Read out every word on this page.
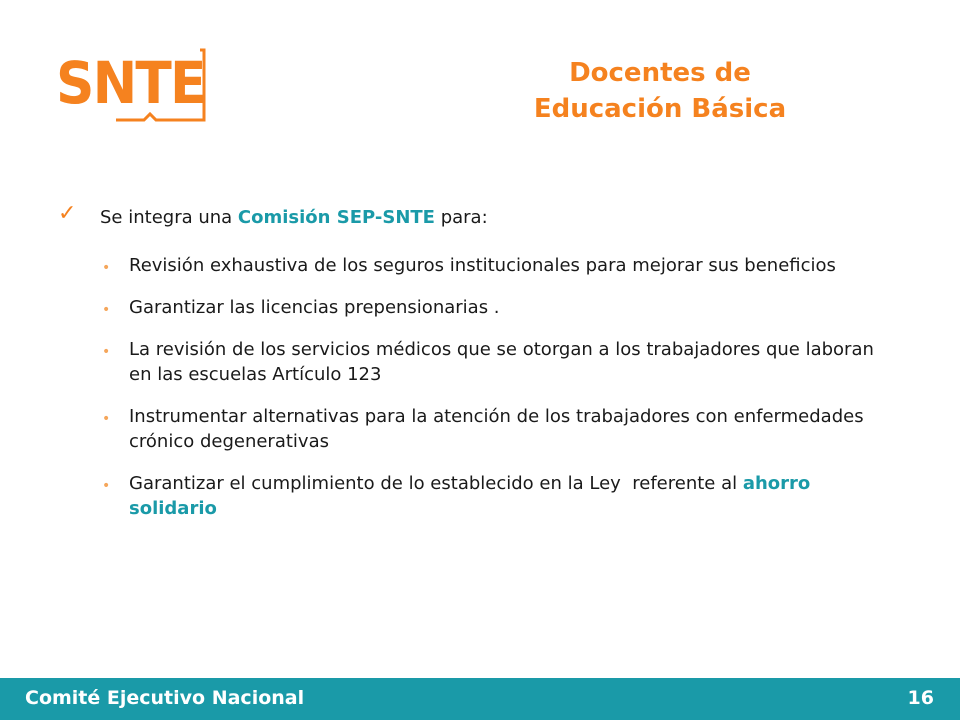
SNTE	Docentes de
Educación Básica
✓ Se integra una Comisión SEP-SNTE para:
• Revisión exhaustiva de los seguros institucionales para mejorar sus beneficios
• Garantizar las licencias prepensionarias .
• La revisión de los servicios médicos que se otorgan a los trabajadores que laboran en las escuelas Artículo 123
• Instrumentar alternativas para la atención de los trabajadores con enfermedades crónico degenerativas
• Garantizar el cumplimiento de lo establecido en la Ley  referente al ahorro solidario
Comité Ejecutivo Nacional	16
